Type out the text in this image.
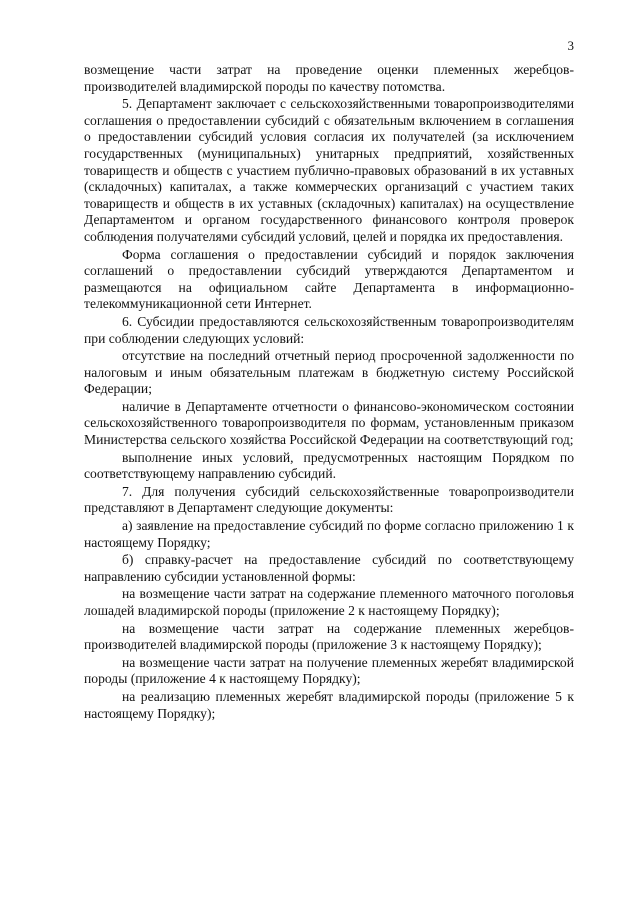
3

возмещение части затрат на проведение оценки племенных жеребцов-производителей владимирской породы по качеству потомства.

5. Департамент заключает с сельскохозяйственными товаропроизводителями соглашения о предоставлении субсидий с обязательным включением в соглашения о предоставлении субсидий условия согласия их получателей (за исключением государственных (муниципальных) унитарных предприятий, хозяйственных товариществ и обществ с участием публично-правовых образований в их уставных (складочных) капиталах, а также коммерческих организаций с участием таких товариществ и обществ в их уставных (складочных) капиталах) на осуществление Департаментом и органом государственного финансового контроля проверок соблюдения получателями субсидий условий, целей и порядка их предоставления.

Форма соглашения о предоставлении субсидий и порядок заключения соглашений о предоставлении субсидий утверждаются Департаментом и размещаются на официальном сайте Департамента в информационно-телекоммуникационной сети Интернет.

6. Субсидии предоставляются сельскохозяйственным товаропроизводителям при соблюдении следующих условий:

отсутствие на последний отчетный период просроченной задолженности по налоговым и иным обязательным платежам в бюджетную систему Российской Федерации;

наличие в Департаменте отчетности о финансово-экономическом состоянии сельскохозяйственного товаропроизводителя по формам, установленным приказом Министерства сельского хозяйства Российской Федерации на соответствующий год;

выполнение иных условий, предусмотренных настоящим Порядком по соответствующему направлению субсидий.

7. Для получения субсидий сельскохозяйственные товаропроизводители представляют в Департамент следующие документы:

а) заявление на предоставление субсидий по форме согласно приложению 1 к настоящему Порядку;

б) справку-расчет на предоставление субсидий по соответствующему направлению субсидии установленной формы:

на возмещение части затрат на содержание племенного маточного поголовья лошадей владимирской породы (приложение 2 к настоящему Порядку);

на возмещение части затрат на содержание племенных жеребцов-производителей владимирской породы (приложение 3 к настоящему Порядку);

на возмещение части затрат на получение племенных жеребят владимирской породы (приложение 4 к настоящему Порядку);

на реализацию племенных жеребят владимирской породы (приложение 5 к настоящему Порядку);
